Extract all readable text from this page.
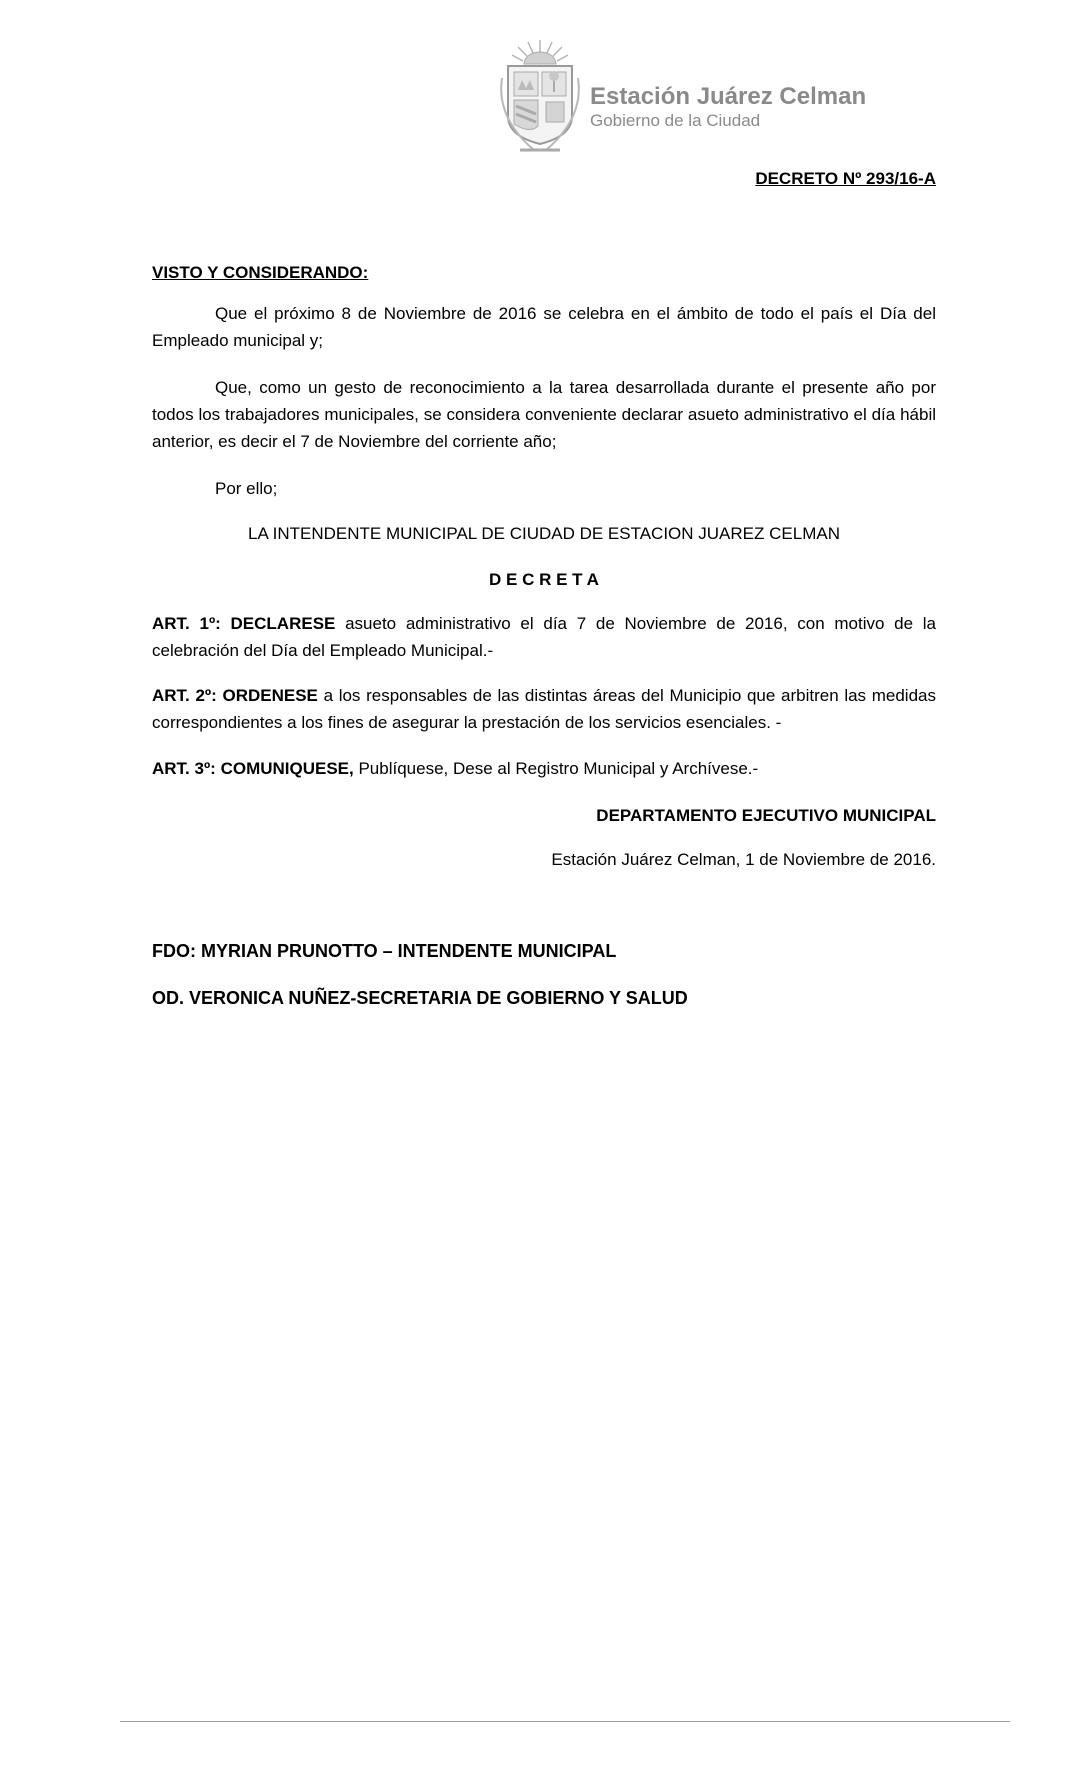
Estación Juárez Celman
Gobierno de la Ciudad
DECRETO Nº 293/16-A
VISTO Y CONSIDERANDO:
Que el próximo 8 de Noviembre de 2016 se celebra en el ámbito de todo el país el Día del Empleado municipal y;
Que, como un gesto de reconocimiento a la tarea desarrollada durante el presente año por todos los trabajadores municipales, se considera conveniente declarar asueto administrativo el día hábil anterior, es decir el 7 de Noviembre del corriente año;
Por ello;
LA INTENDENTE MUNICIPAL DE CIUDAD DE ESTACION JUAREZ CELMAN
D E C R E T A
ART. 1º: DECLARESE asueto administrativo el día 7 de Noviembre de 2016, con motivo de la celebración del Día del Empleado Municipal.-
ART. 2º: ORDENESE a los responsables de las distintas áreas del Municipio que arbitren las medidas correspondientes a los fines de asegurar la prestación de los servicios esenciales. -
ART. 3º: COMUNIQUESE, Publíquese, Dese al Registro Municipal y Archívese.-
DEPARTAMENTO EJECUTIVO MUNICIPAL
Estación Juárez Celman, 1 de Noviembre de 2016.
FDO: MYRIAN PRUNOTTO – INTENDENTE MUNICIPAL
OD. VERONICA NUÑEZ-SECRETARIA DE GOBIERNO Y SALUD
